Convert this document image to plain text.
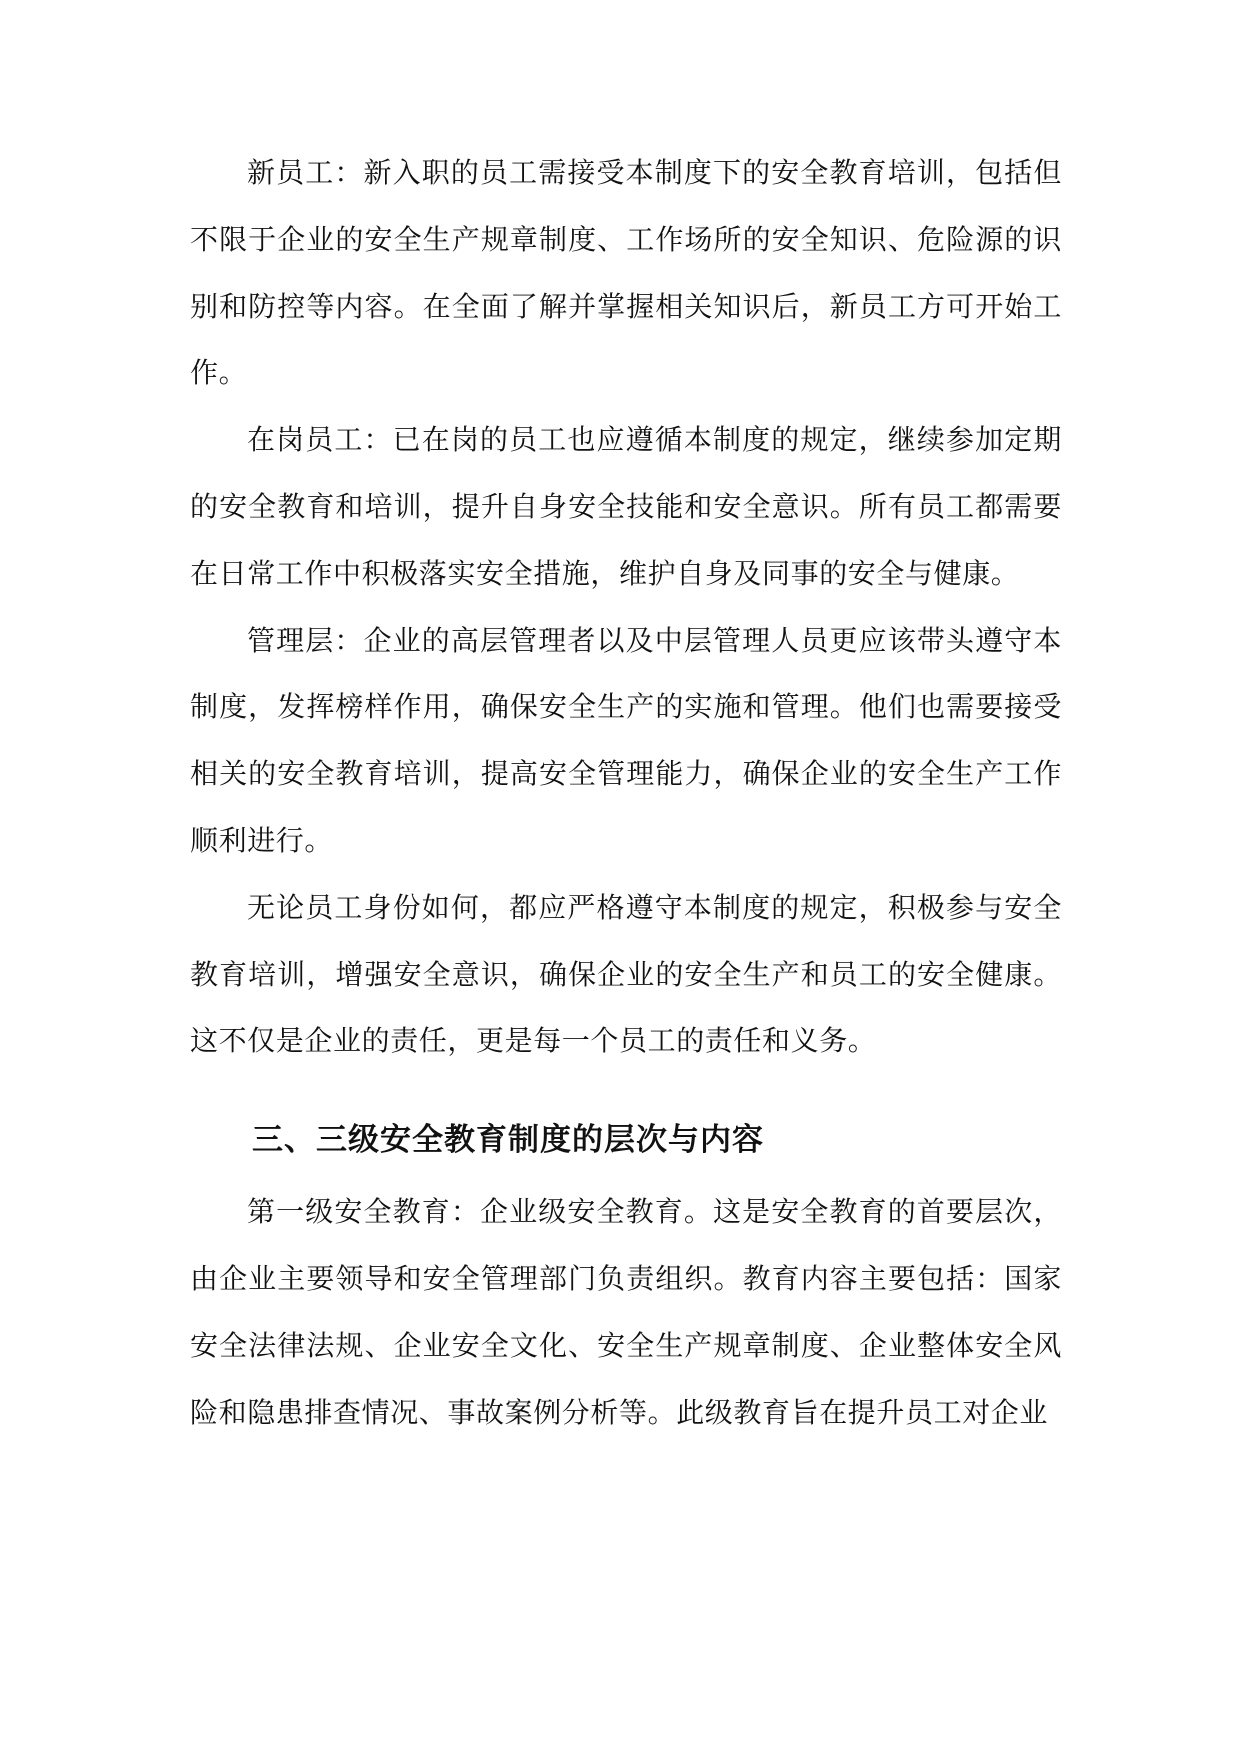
新员工：新入职的员工需接受本制度下的安全教育培训，包括但不限于企业的安全生产规章制度、工作场所的安全知识、危险源的识别和防控等内容。在全面了解并掌握相关知识后，新员工方可开始工作。

在岗员工：已在岗的员工也应遵循本制度的规定，继续参加定期的安全教育和培训，提升自身安全技能和安全意识。所有员工都需要在日常工作中积极落实安全措施，维护自身及同事的安全与健康。

管理层：企业的高层管理者以及中层管理人员更应该带头遵守本制度，发挥榜样作用，确保安全生产的实施和管理。他们也需要接受相关的安全教育培训，提高安全管理能力，确保企业的安全生产工作顺利进行。

无论员工身份如何，都应严格遵守本制度的规定，积极参与安全教育培训，增强安全意识，确保企业的安全生产和员工的安全健康。这不仅是企业的责任，更是每一个员工的责任和义务。

三、三级安全教育制度的层次与内容

第一级安全教育：企业级安全教育。这是安全教育的首要层次，由企业主要领导和安全管理部门负责组织。教育内容主要包括：国家安全法律法规、企业安全文化、安全生产规章制度、企业整体安全风险和隐患排查情况、事故案例分析等。此级教育旨在提升员工对企业
